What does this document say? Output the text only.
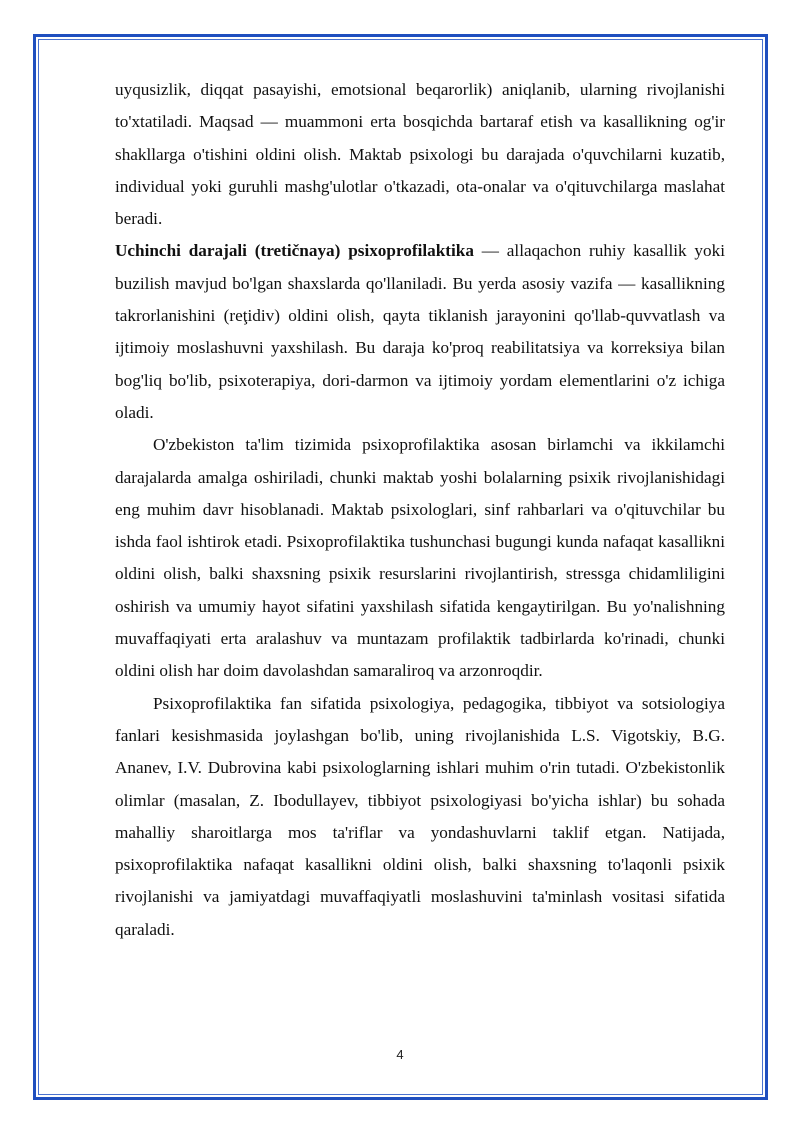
uyqusizlik, diqqat pasayishi, emotsional beqarorlik) aniqlanib, ularning rivojlanishi to'xtatiladi. Maqsad — muammoni erta bosqichda bartaraf etish va kasallikning og'ir shakllarga o'tishini oldini olish. Maktab psixologi bu darajada o'quvchilarni kuzatib, individual yoki guruhli mashg'ulotlar o'tkazadi, ota-onalar va o'qituvchilarga maslahat beradi.

Uchinchi darajali (tretičnaya) psixoprofilaktika — allaqachon ruhiy kasallik yoki buzilish mavjud bo'lgan shaxslarda qo'llaniladi. Bu yerda asosiy vazifa — kasallikning takrorlanishini (reţidiv) oldini olish, qayta tiklanish jarayonini qo'llab-quvvatlash va ijtimoiy moslashuvni yaxshilash. Bu daraja ko'proq reabilitatsiya va korreksiya bilan bog'liq bo'lib, psixoterapiya, dori-darmon va ijtimoiy yordam elementlarini o'z ichiga oladi.

O'zbekiston ta'lim tizimida psixoprofilaktika asosan birlamchi va ikkilamchi darajalarda amalga oshiriladi, chunki maktab yoshi bolalarning psixik rivojlanishidagi eng muhim davr hisoblanadi. Maktab psixologlari, sinf rahbarlari va o'qituvchilar bu ishda faol ishtirok etadi. Psixoprofilaktika tushunchasi bugungi kunda nafaqat kasallikni oldini olish, balki shaxsning psixik resurslarini rivojlantirish, stressga chidamliligini oshirish va umumiy hayot sifatini yaxshilash sifatida kengaytirilgan. Bu yo'nalishning muvaffaqiyati erta aralashuv va muntazam profilaktik tadbirlarda ko'rinadi, chunki oldini olish har doim davolashdan samaraliroq va arzonroqdir.

Psixoprofilaktika fan sifatida psixologiya, pedagogika, tibbiyot va sotsiologiya fanlari kesishmasida joylashgan bo'lib, uning rivojlanishida L.S. Vigotskiy, B.G. Ananev, I.V. Dubrovina kabi psixologlarning ishlari muhim o'rin tutadi. O'zbekistonlik olimlar (masalan, Z. Ibodullayev, tibbiyot psixologiyasi bo'yicha ishlar) bu sohada mahalliy sharoitlarga mos ta'riflar va yondashuvlarni taklif etgan. Natijada, psixoprofilaktika nafaqat kasallikni oldini olish, balki shaxsning to'laqonli psixik rivojlanishi va jamiyatdagi muvaffaqiyatli moslashuvini ta'minlash vositasi sifatida qaraladi.

4
